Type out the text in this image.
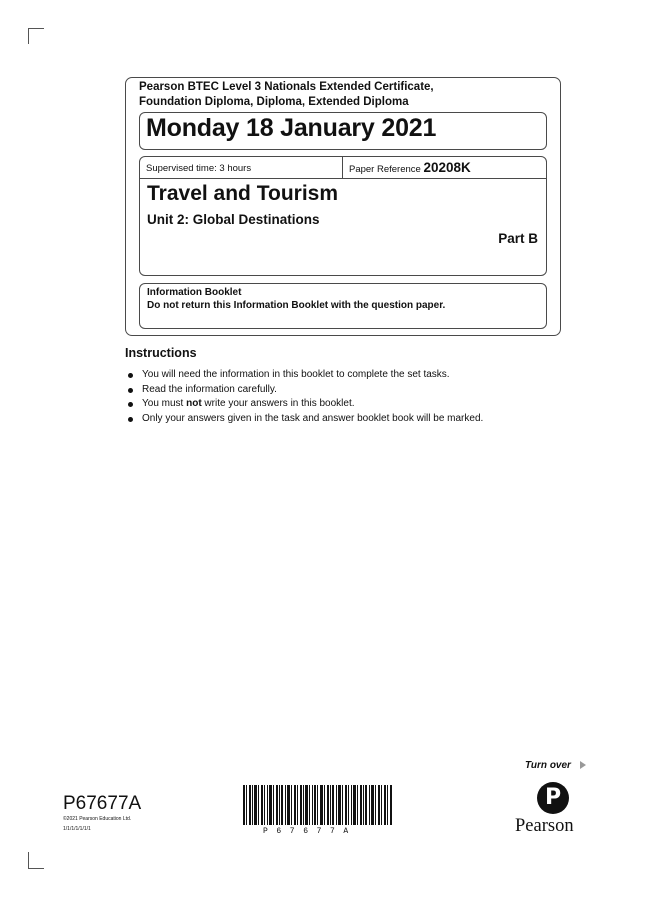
Pearson BTEC Level 3 Nationals Extended Certificate,
Foundation Diploma, Diploma, Extended Diploma
Monday 18 January 2021
Supervised time: 3 hours	Paper Reference 20208K
Travel and Tourism
Unit 2: Global Destinations
Part B
Information Booklet
Do not return this Information Booklet with the question paper.
Instructions
You will need the information in this booklet to complete the set tasks.
Read the information carefully.
You must not write your answers in this booklet.
Only your answers given in the task and answer booklet book will be marked.
Turn over
P67677A
©2021 Pearson Education Ltd.
1/1/1/1/1/1/1	P67677A
P
Pearson
